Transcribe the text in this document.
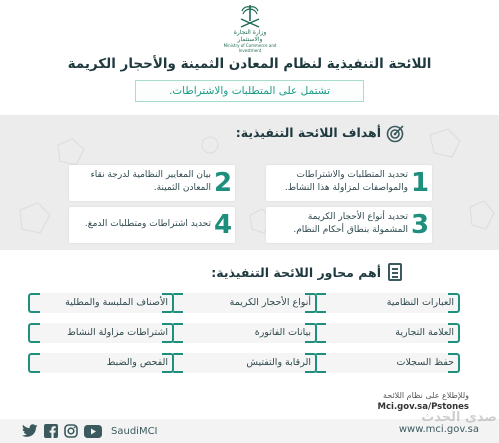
وزارة التجارة والاستثمار
Ministry of Commerce and Investment
اللائحة التنفيذية لنظام المعادن الثمينة والأحجار الكريمة
تشتمل على المتطلبات والاشتراطات.
أهداف اللائحة التنفيذية:
1
تحديد المتطلبات والاشتراطات والمواصفات لمزاولة هذا النشاط.
2
بيان المعايير النظامية لدرجة نقاء المعادن الثمينة.
3
تحديد أنواع الأحجار الكريمة المشمولة بنطاق أحكام النظام.
4
تحديد اشتراطات ومتطلبات الدمغ.
أهم محاور اللائحة التنفيذية:
العبارات النظامية
أنواع الأحجار الكريمة
الأصناف الملبسة والمطلية
العلامة التجارية
بيانات الفاتورة
اشتراطات مزاولة النشاط
حفظ السجلات
الرقابة والتفتيش
الفحص والضبط
وللإطلاع على نظام اللائحة
Mci.gov.sa/Pstones
SaudiMCI	www.mci.gov.sa
صدى الحدث
